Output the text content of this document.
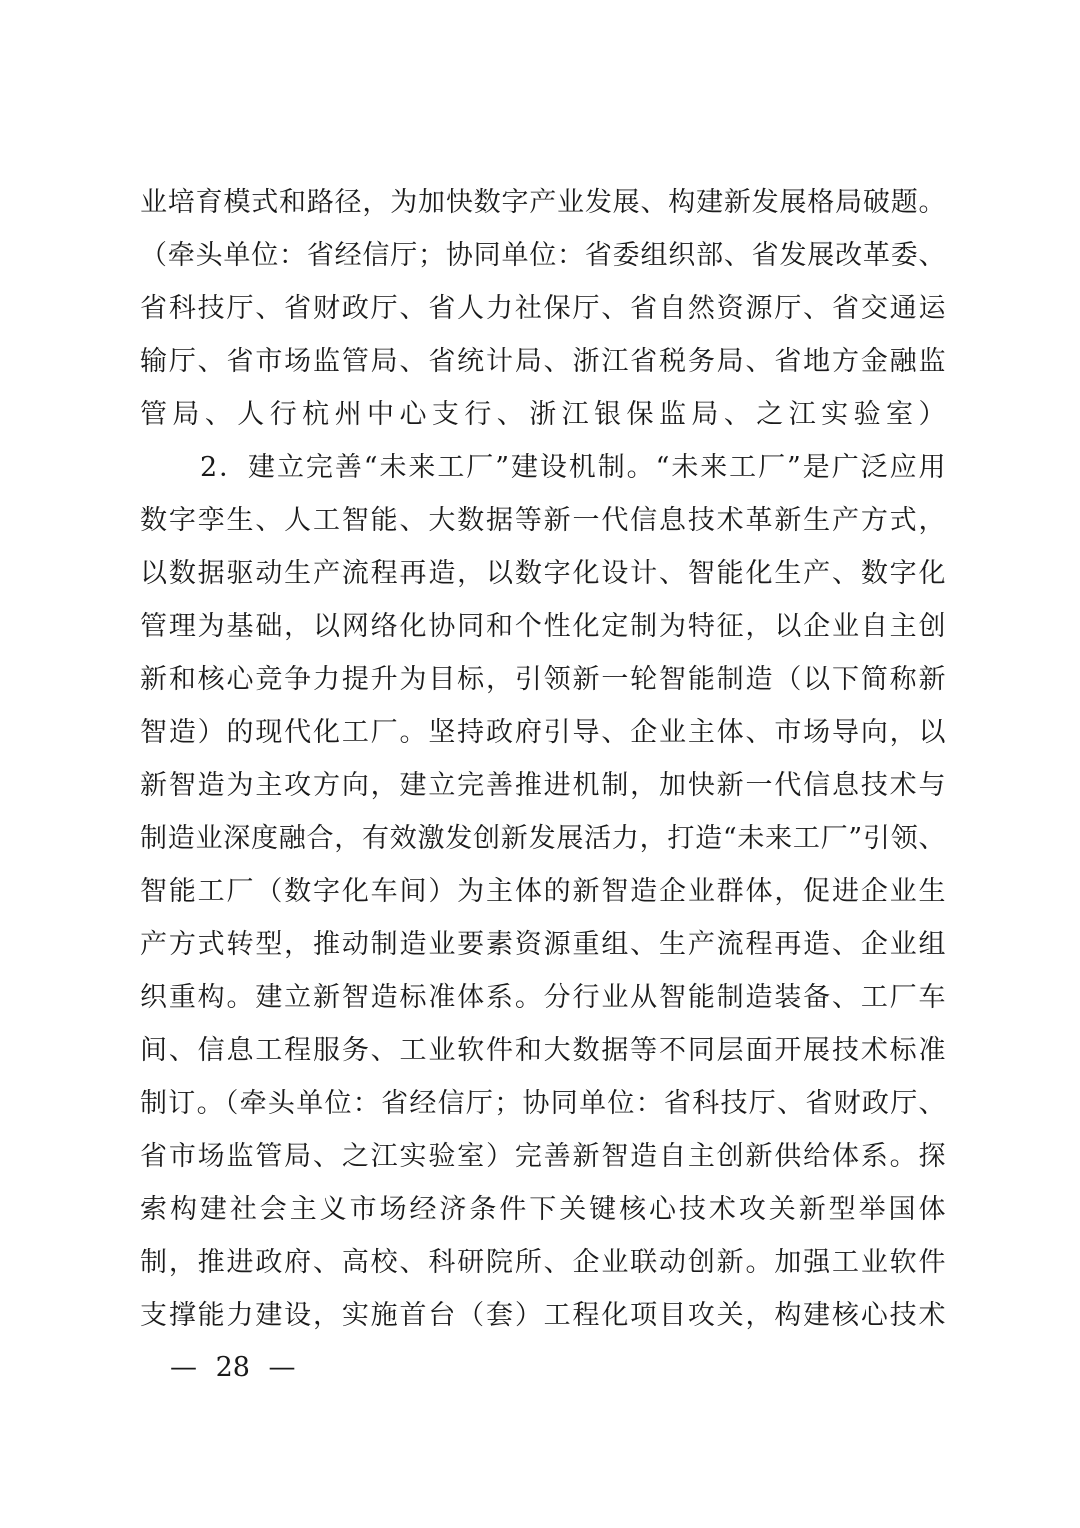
业培育模式和路径，为加快数字产业发展、构建新发展格局破题。
（牵头单位：省经信厅；协同单位：省委组织部、省发展改革委、
省科技厅、省财政厅、省人力社保厅、省自然资源厅、省交通运
输厅、省市场监管局、省统计局、浙江省税务局、省地方金融监
管局、人行杭州中心支行、浙江银保监局、之江实验室）
2．建立完善“未来工厂”建设机制。“未来工厂”是广泛应用
数字孪生、人工智能、大数据等新一代信息技术革新生产方式，
以数据驱动生产流程再造，以数字化设计、智能化生产、数字化
管理为基础，以网络化协同和个性化定制为特征，以企业自主创
新和核心竞争力提升为目标，引领新一轮智能制造（以下简称新
智造）的现代化工厂。坚持政府引导、企业主体、市场导向，以
新智造为主攻方向，建立完善推进机制，加快新一代信息技术与
制造业深度融合，有效激发创新发展活力，打造“未来工厂”引领、
智能工厂（数字化车间）为主体的新智造企业群体，促进企业生
产方式转型，推动制造业要素资源重组、生产流程再造、企业组
织重构。建立新智造标准体系。分行业从智能制造装备、工厂车
间、信息工程服务、工业软件和大数据等不同层面开展技术标准
制订。（牵头单位：省经信厅；协同单位：省科技厅、省财政厅、
省市场监管局、之江实验室）完善新智造自主创新供给体系。探
索构建社会主义市场经济条件下关键核心技术攻关新型举国体
制，推进政府、高校、科研院所、企业联动创新。加强工业软件
支撑能力建设，实施首台（套）工程化项目攻关，构建核心技术
— 28 —
